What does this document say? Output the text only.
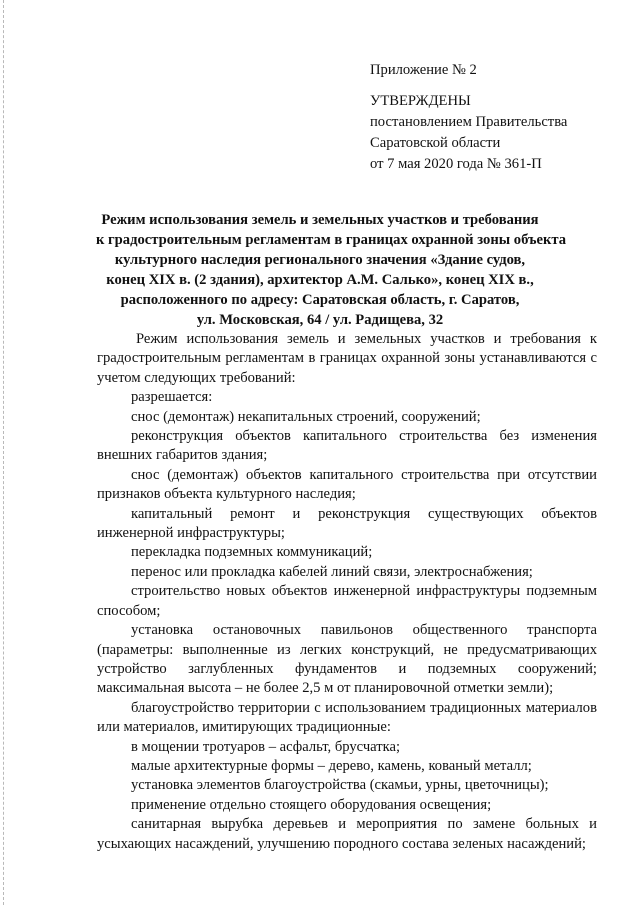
Приложение № 2
УТВЕРЖДЕНЫ
постановлением Правительства
Саратовской области
от 7 мая 2020 года № 361-П
Режим использования земель и земельных участков и требования
к градостроительным регламентам в границах охранной зоны объекта
культурного наследия регионального значения «Здание судов,
конец XIX в. (2 здания), архитектор А.М. Салько», конец XIX в.,
расположенного по адресу: Саратовская область, г. Саратов,
ул. Московская, 64 / ул. Радищева, 32

Режим использования земель и земельных участков и требования к градостроительным регламентам в границах охранной зоны устанавливаются с учетом следующих требований:

разрешается:

снос (демонтаж) некапитальных строений, сооружений;

реконструкция объектов капитального строительства без изменения внешних габаритов здания;

снос (демонтаж) объектов капитального строительства при отсутствии признаков объекта культурного наследия;

капитальный ремонт и реконструкция существующих объектов инженерной инфраструктуры;

перекладка подземных коммуникаций;

перенос или прокладка кабелей линий связи, электроснабжения;

строительство новых объектов инженерной инфраструктуры подземным способом;

установка остановочных павильонов общественного транспорта (параметры: выполненные из легких конструкций, не предусматривающих устройство заглубленных фундаментов и подземных сооружений; максимальная высота – не более 2,5 м от планировочной отметки земли);

благоустройство территории с использованием традиционных материалов или материалов, имитирующих традиционные:

в мощении тротуаров – асфальт, брусчатка;

малые архитектурные формы – дерево, камень, кованый металл;

установка элементов благоустройства (скамьи, урны, цветочницы);

применение отдельно стоящего оборудования освещения;

санитарная вырубка деревьев и мероприятия по замене больных и усыхающих насаждений, улучшению породного состава зеленых насаждений;
